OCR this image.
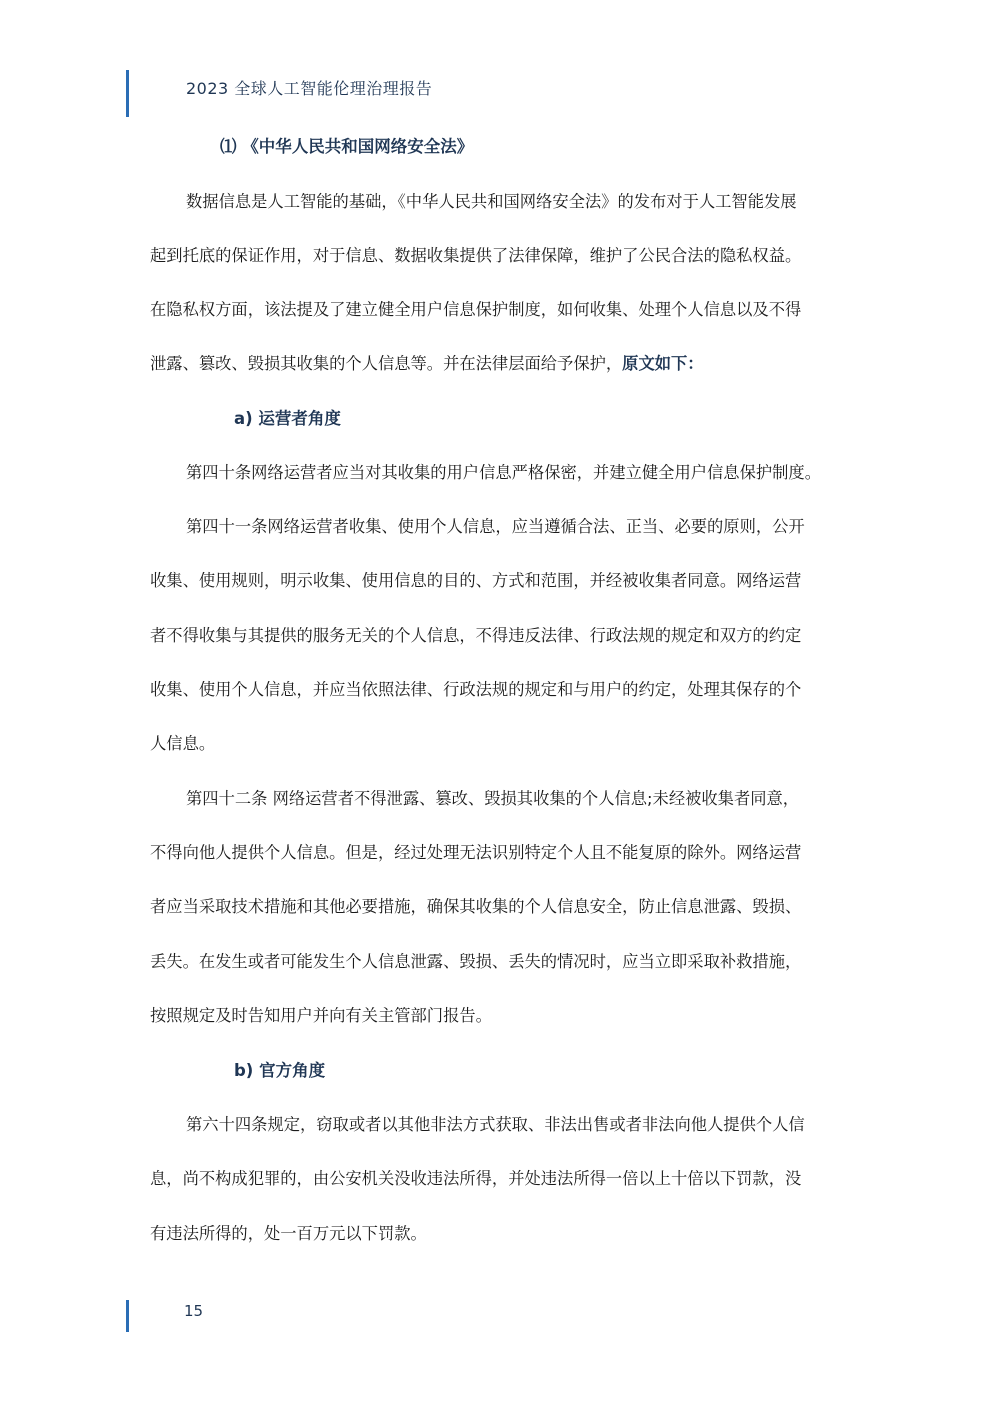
2023 全球人工智能伦理治理报告
⑴ 《中华人民共和国网络安全法》
数据信息是人工智能的基础，《中华人民共和国网络安全法》的发布对于人工智能发展
起到托底的保证作用，对于信息、数据收集提供了法律保障，维护了公民合法的隐私权益。
在隐私权方面，该法提及了建立健全用户信息保护制度，如何收集、处理个人信息以及不得
泄露、篡改、毁损其收集的个人信息等。并在法律层面给予保护，原文如下：
a) 运营者角度
第四十条网络运营者应当对其收集的用户信息严格保密，并建立健全用户信息保护制度。
第四十一条网络运营者收集、使用个人信息，应当遵循合法、正当、必要的原则，公开
收集、使用规则，明示收集、使用信息的目的、方式和范围，并经被收集者同意。网络运营
者不得收集与其提供的服务无关的个人信息，不得违反法律、行政法规的规定和双方的约定
收集、使用个人信息，并应当依照法律、行政法规的规定和与用户的约定，处理其保存的个
人信息。
第四十二条 网络运营者不得泄露、篡改、毁损其收集的个人信息;未经被收集者同意，
不得向他人提供个人信息。但是，经过处理无法识别特定个人且不能复原的除外。网络运营
者应当采取技术措施和其他必要措施，确保其收集的个人信息安全，防止信息泄露、毁损、
丢失。在发生或者可能发生个人信息泄露、毁损、丢失的情况时，应当立即采取补救措施，
按照规定及时告知用户并向有关主管部门报告。
b) 官方角度
第六十四条规定，窃取或者以其他非法方式获取、非法出售或者非法向他人提供个人信
息，尚不构成犯罪的，由公安机关没收违法所得，并处违法所得一倍以上十倍以下罚款，没
有违法所得的，处一百万元以下罚款。
15
